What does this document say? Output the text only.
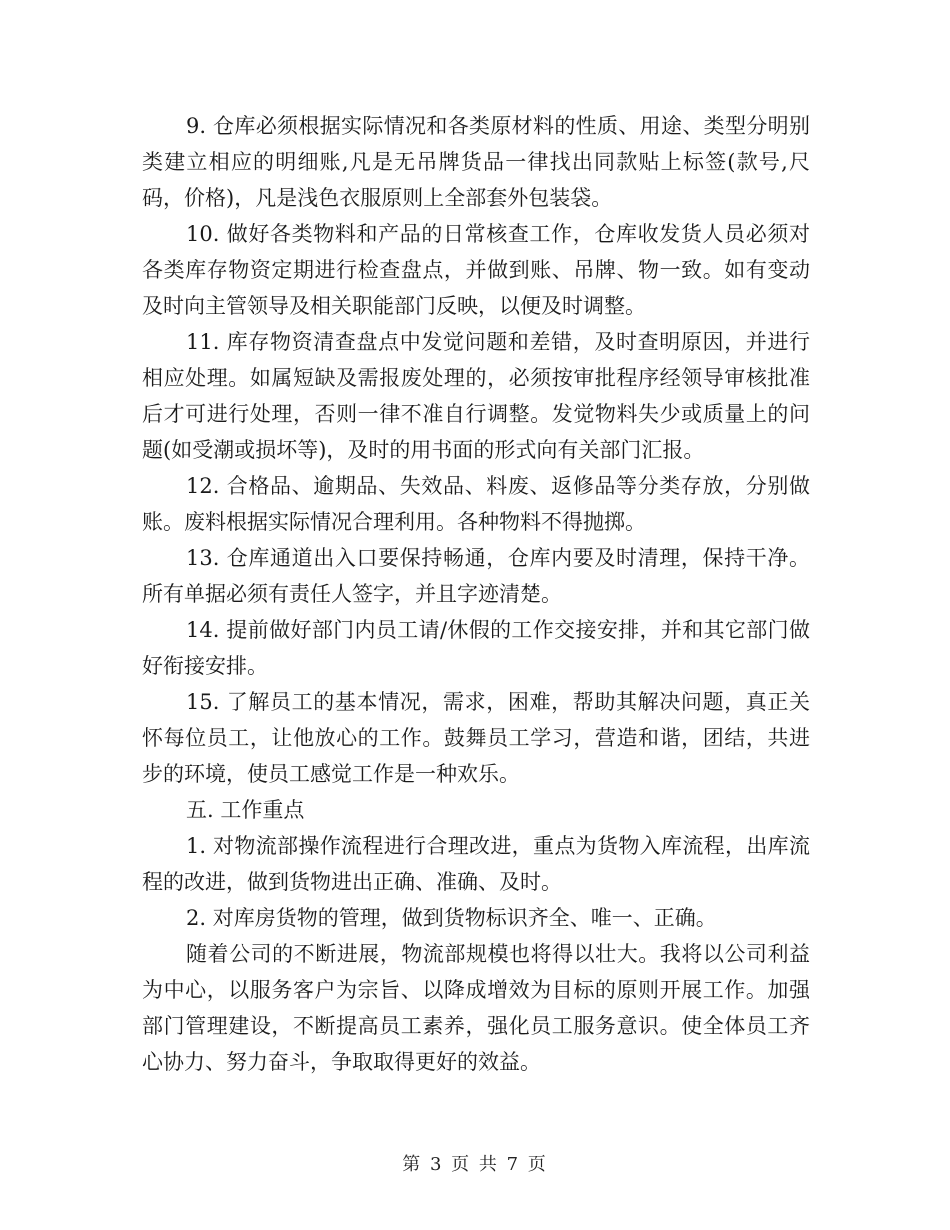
9. 仓库必须根据实际情况和各类原材料的性质、用途、类型分明别类建立相应的明细账,凡是无吊牌货品一律找出同款贴上标签(款号,尺码，价格)，凡是浅色衣服原则上全部套外包装袋。

10. 做好各类物料和产品的日常核查工作，仓库收发货人员必须对各类库存物资定期进行检查盘点，并做到账、吊牌、物一致。如有变动及时向主管领导及相关职能部门反映，以便及时调整。

11. 库存物资清查盘点中发觉问题和差错，及时查明原因，并进行相应处理。如属短缺及需报废处理的，必须按审批程序经领导审核批准后才可进行处理，否则一律不准自行调整。发觉物料失少或质量上的问题(如受潮或损坏等)，及时的用书面的形式向有关部门汇报。

12. 合格品、逾期品、失效品、料废、返修品等分类存放，分别做账。废料根据实际情况合理利用。各种物料不得抛掷。

13. 仓库通道出入口要保持畅通，仓库内要及时清理，保持干净。所有单据必须有责任人签字，并且字迹清楚。

14. 提前做好部门内员工请/休假的工作交接安排，并和其它部门做好衔接安排。

15. 了解员工的基本情况，需求，困难，帮助其解决问题，真正关怀每位员工，让他放心的工作。鼓舞员工学习，营造和谐，团结，共进步的环境，使员工感觉工作是一种欢乐。

五. 工作重点

1. 对物流部操作流程进行合理改进，重点为货物入库流程，出库流程的改进，做到货物进出正确、准确、及时。

2. 对库房货物的管理，做到货物标识齐全、唯一、正确。

随着公司的不断进展，物流部规模也将得以壮大。我将以公司利益为中心，以服务客户为宗旨、以降成增效为目标的原则开展工作。加强部门管理建设，不断提高员工素养，强化员工服务意识。使全体员工齐心协力、努力奋斗，争取取得更好的效益。

第 3 页 共 7 页
